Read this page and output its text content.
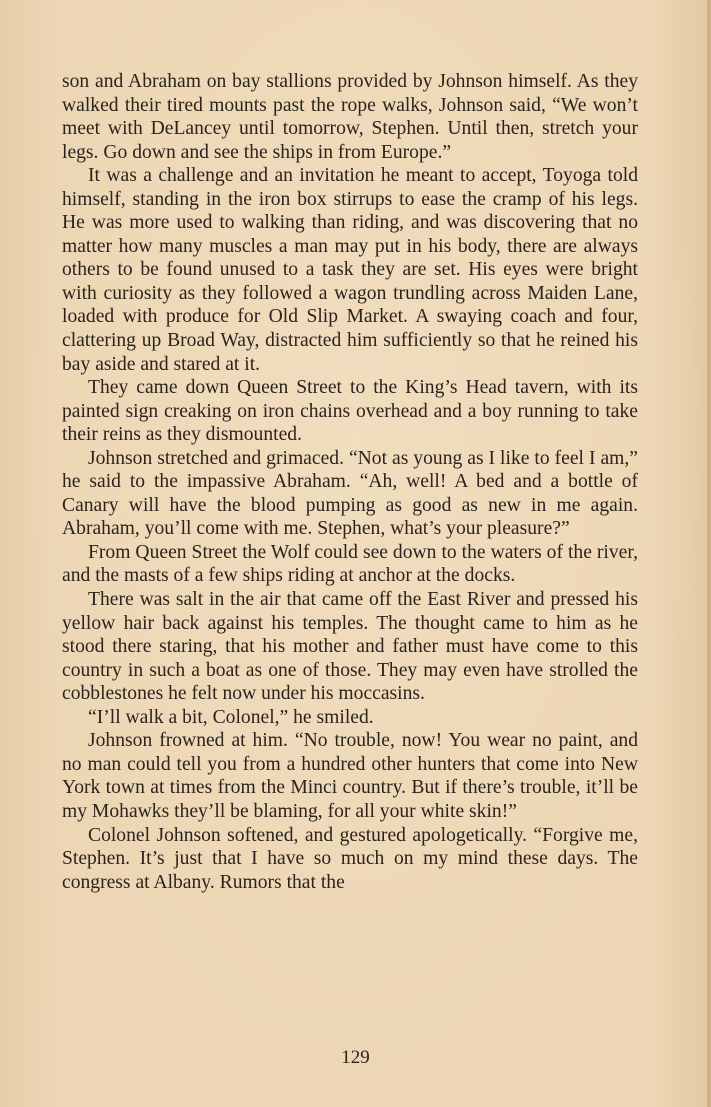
son and Abraham on bay stallions provided by Johnson himself. As they walked their tired mounts past the rope walks, Johnson said, “We won’t meet with DeLancey until tomorrow, Stephen. Until then, stretch your legs. Go down and see the ships in from Europe.”

It was a challenge and an invitation he meant to accept, Toyoga told himself, standing in the iron box stirrups to ease the cramp of his legs. He was more used to walking than riding, and was discovering that no matter how many muscles a man may put in his body, there are always others to be found unused to a task they are set. His eyes were bright with curiosity as they followed a wagon trundling across Maiden Lane, loaded with produce for Old Slip Market. A swaying coach and four, clattering up Broad Way, distracted him sufficiently so that he reined his bay aside and stared at it.

They came down Queen Street to the King’s Head tavern, with its painted sign creaking on iron chains overhead and a boy running to take their reins as they dismounted.

Johnson stretched and grimaced. “Not as young as I like to feel I am,” he said to the impassive Abraham. “Ah, well! A bed and a bottle of Canary will have the blood pumping as good as new in me again. Abraham, you’ll come with me. Stephen, what’s your pleasure?”

From Queen Street the Wolf could see down to the waters of the river, and the masts of a few ships riding at anchor at the docks.

There was salt in the air that came off the East River and pressed his yellow hair back against his temples. The thought came to him as he stood there staring, that his mother and father must have come to this country in such a boat as one of those. They may even have strolled the cobblestones he felt now under his moccasins.

“I’ll walk a bit, Colonel,” he smiled.

Johnson frowned at him. “No trouble, now! You wear no paint, and no man could tell you from a hundred other hunters that come into New York town at times from the Minci country. But if there’s trouble, it’ll be my Mohawks they’ll be blaming, for all your white skin!”

Colonel Johnson softened, and gestured apologetically. “Forgive me, Stephen. It’s just that I have so much on my mind these days. The congress at Albany. Rumors that the

129
